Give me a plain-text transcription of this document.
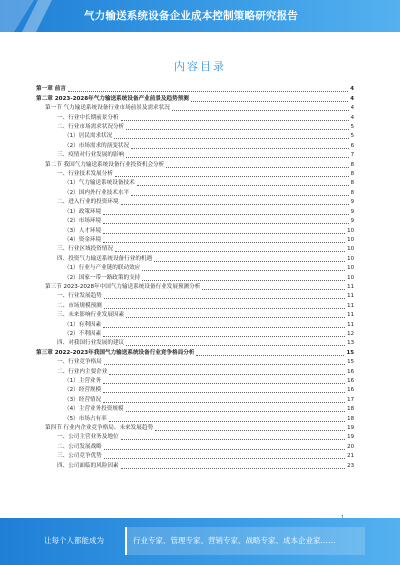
气力输送系统设备企业成本控制策略研究报告
内容目录
第一章 前言	4
第二章 2023-2028年气力输送系统设备产业前景及趋势预测	4
第一节 气力输送系统设备行业市场前景及需求状况	4
一、行业中长期前景分析	4
二、行业市场需求状况分析	5
（1）居民需求状况	5
（2）市场需求的演变状况	6
三、疫情对行业发展的影响	7
第二节 我国气力输送系统设备行业投资机会分析	8
一、行业技术发展分析	8
（1）气力输送系统设备技术	8
（2）国内外行业技术水平	8
二、进入行业的投资环境	9
（1）政策环境	9
（2）市场环境	9
（3）人才环境	10
（4）资金环境	10
三、行业区域投资情况	10
四、投资气力输送系统设备行业的机遇	10
（1）行业与产业链的联动效应	10
（2）国家一带一路政策的支持	10
第三节 2023-2028年中国气力输送系统设备行业发展预测分析	11
一、行业发展趋势	11
二、市场规模预测	11
三、未来影响行业发展因素	11
（1）有利因素	11
（2）不利因素	12
四、对我国行业发展的建议	13
第三章 2022-2023年我国气力输送系统设备行业竞争格局分析	15
一、行业竞争格局	15
二、行业内主要企业	16
（1）主营业务	16
（2）经营规模	16
（3）经营情况	17
（4）主营业务投资规模	18
（5）市场占有率	18
第四节 行业内企业竞争格局、未来发展趋势	19
一、公司主营业务及地位	19
二、公司发展战略	20
三、公司竞争优势	21
四、公司面临的风险因素	23
让每个人都能成为	行业专家、管理专家、营销专家、战略专家、成本企业家……
